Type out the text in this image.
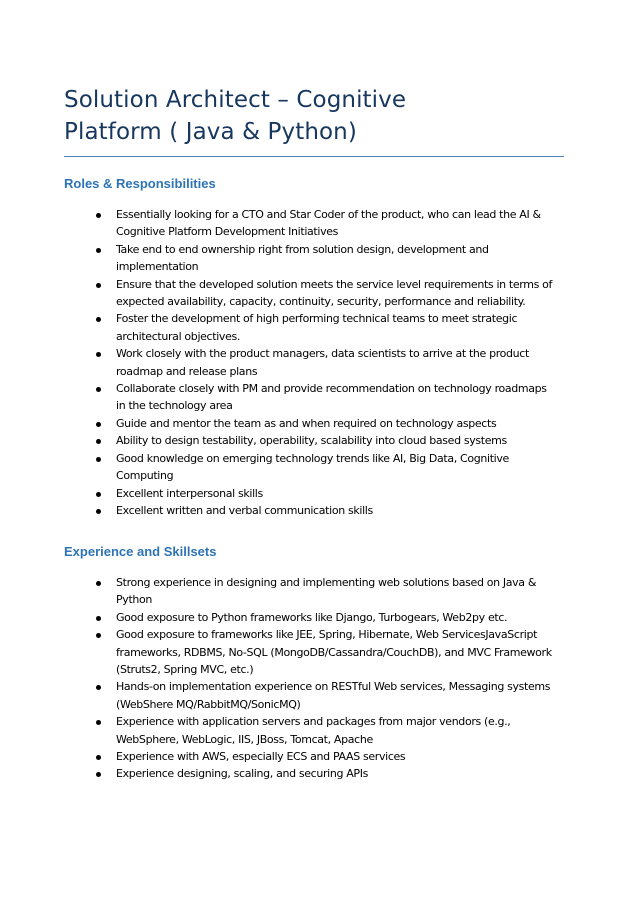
Solution Architect – Cognitive
Platform ( Java & Python)
Roles & Responsibilities
Essentially looking for a CTO and Star Coder of the product, who can lead the AI & Cognitive Platform Development Initiatives
Take end to end ownership right from solution design, development and implementation
Ensure that the developed solution meets the service level requirements in terms of expected availability, capacity, continuity, security, performance and reliability.
Foster the development of high performing technical teams to meet strategic architectural objectives.
Work closely with the product managers, data scientists to arrive at the product roadmap and release plans
Collaborate closely with PM and provide recommendation on technology roadmaps in the technology area
Guide and mentor the team as and when required on technology aspects
Ability to design testability, operability, scalability into cloud based systems
Good knowledge on emerging technology trends like AI, Big Data, Cognitive Computing
Excellent interpersonal skills
Excellent written and verbal communication skills
Experience and Skillsets
Strong experience in designing and implementing web solutions based on Java & Python
Good exposure to Python frameworks like Django, Turbogears, Web2py etc.
Good exposure to frameworks like JEE, Spring, Hibernate, Web ServicesJavaScript frameworks, RDBMS, No-SQL (MongoDB/Cassandra/CouchDB), and MVC Framework (Struts2, Spring MVC, etc.)
Hands-on implementation experience on RESTful Web services, Messaging systems (WebShere MQ/RabbitMQ/SonicMQ)
Experience with application servers and packages from major vendors (e.g., WebSphere, WebLogic, IIS, JBoss, Tomcat, Apache
Experience with AWS, especially ECS and PAAS services
Experience designing, scaling, and securing APIs
